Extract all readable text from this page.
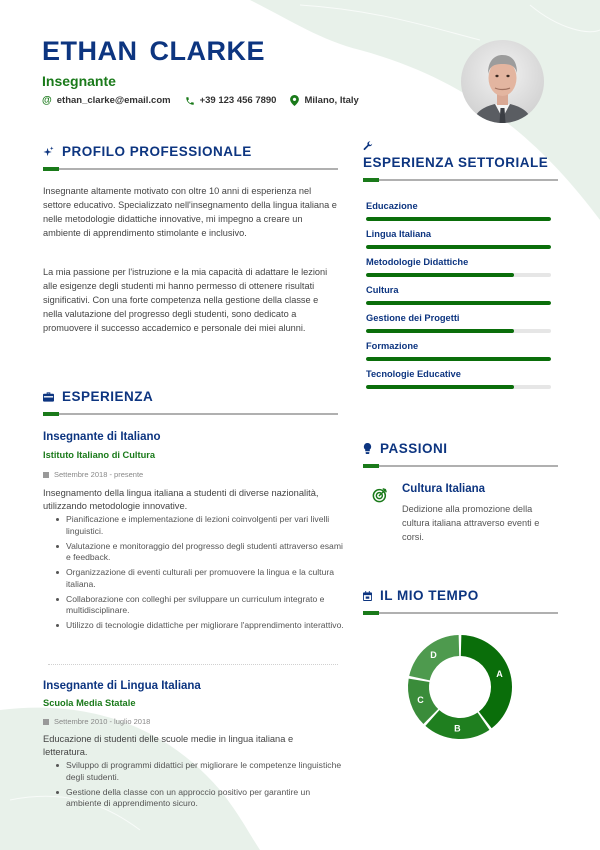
ETHAN CLARKE
Insegnante
@ ethan_clarke@email.com	+39 123 456 7890	Milano, Italy
PROFILO PROFESSIONALE

Insegnante altamente motivato con oltre 10 anni di esperienza nel settore educativo. Specializzato nell'insegnamento della lingua italiana e nelle metodologie didattiche innovative, mi impegno a creare un ambiente di apprendimento stimolante e inclusivo.

La mia passione per l'istruzione e la mia capacità di adattare le lezioni alle esigenze degli studenti mi hanno permesso di ottenere risultati significativi. Con una forte competenza nella gestione della classe e nella valutazione del progresso degli studenti, sono dedicato a promuovere il successo accademico e personale dei miei alunni.

ESPERIENZA
Insegnante di Italiano
Istituto Italiano di Cultura
Settembre 2018 - presente

Insegnamento della lingua italiana a studenti di diverse nazionalità, utilizzando metodologie innovative.

Pianificazione e implementazione di lezioni coinvolgenti per vari livelli linguistici.
Valutazione e monitoraggio del progresso degli studenti attraverso esami e feedback.
Organizzazione di eventi culturali per promuovere la lingua e la cultura italiana.
Collaborazione con colleghi per sviluppare un curriculum integrato e multidisciplinare.
Utilizzo di tecnologie didattiche per migliorare l'apprendimento interattivo.
Insegnante di Lingua Italiana
Scuola Media Statale
Settembre 2010 - luglio 2018

Educazione di studenti delle scuole medie in lingua italiana e letteratura.

Sviluppo di programmi didattici per migliorare le competenze linguistiche degli studenti.
Gestione della classe con un approccio positivo per garantire un ambiente di apprendimento sicuro.
ESPERIENZA SETTORIALE
Educazione
Lingua Italiana
Metodologie Didattiche
Cultura
Gestione dei Progetti
Formazione
Tecnologie Educative
PASSIONI
Cultura Italiana
Dedizione alla promozione della cultura italiana attraverso eventi e corsi.
IL MIO TEMPO
A
B
C
D
